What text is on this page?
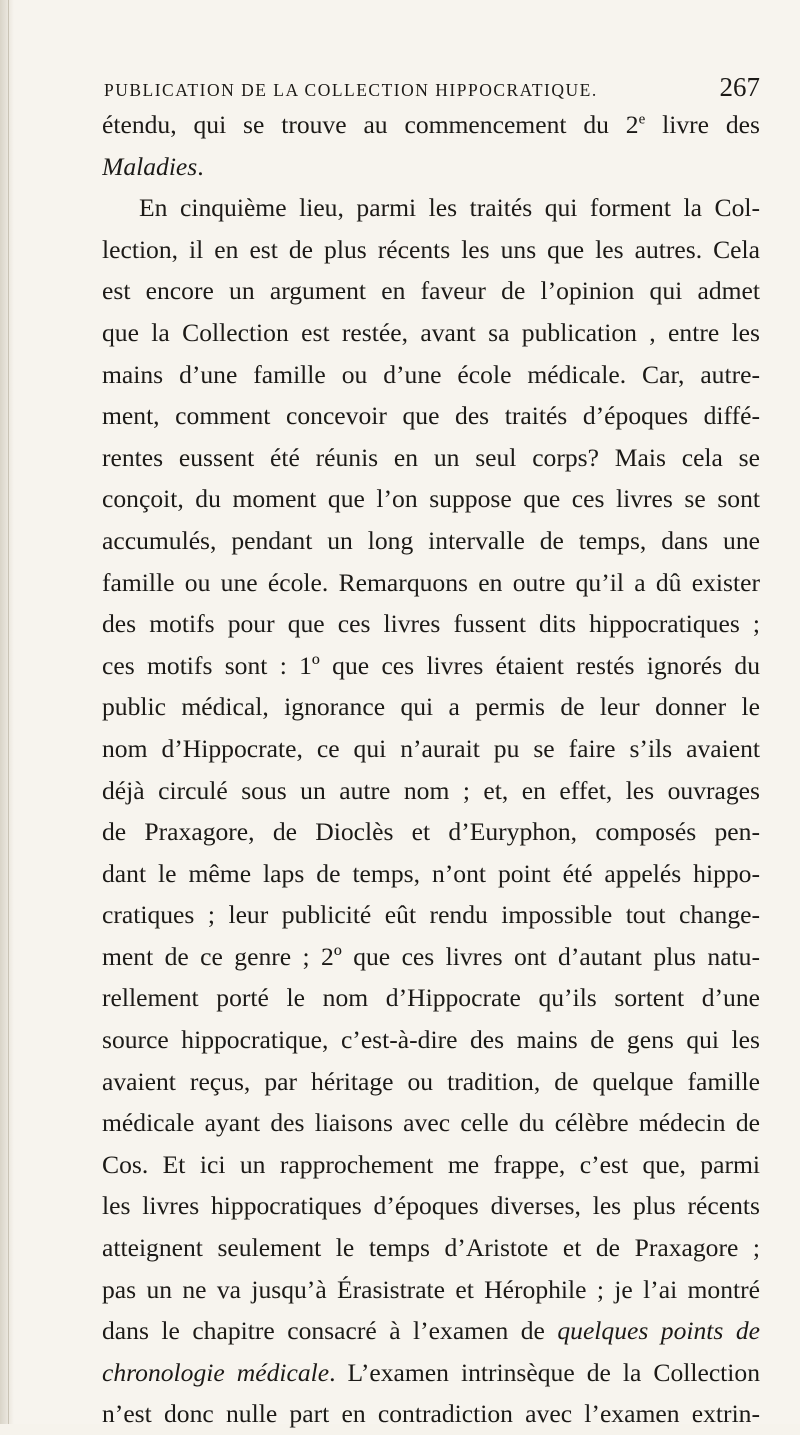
PUBLICATION DE LA COLLECTION HIPPOCRATIQUE.	267
étendu, qui se trouve au commencement du 2e livre des
Maladies.
En cinquième lieu, parmi les traités qui forment la Col-
lection, il en est de plus récents les uns que les autres. Cela
est encore un argument en faveur de l’opinion qui admet
que la Collection est restée, avant sa publication , entre les
mains d’une famille ou d’une école médicale. Car, autre-
ment, comment concevoir que des traités d’époques diffé-
rentes eussent été réunis en un seul corps? Mais cela se
conçoit, du moment que l’on suppose que ces livres se sont
accumulés, pendant un long intervalle de temps, dans une
famille ou une école. Remarquons en outre qu’il a dû exister
des motifs pour que ces livres fussent dits hippocratiques ;
ces motifs sont : 1º que ces livres étaient restés ignorés du
public médical, ignorance qui a permis de leur donner le
nom d’Hippocrate, ce qui n’aurait pu se faire s’ils avaient
déjà circulé sous un autre nom ; et, en effet, les ouvrages
de Praxagore, de Dioclès et d’Euryphon, composés pen-
dant le même laps de temps, n’ont point été appelés hippo-
cratiques ; leur publicité eût rendu impossible tout change-
ment de ce genre ; 2º que ces livres ont d’autant plus natu-
rellement porté le nom d’Hippocrate qu’ils sortent d’une
source hippocratique, c’est-à-dire des mains de gens qui les
avaient reçus, par héritage ou tradition, de quelque famille
médicale ayant des liaisons avec celle du célèbre médecin de
Cos. Et ici un rapprochement me frappe, c’est que, parmi
les livres hippocratiques d’époques diverses, les plus récents
atteignent seulement le temps d’Aristote et de Praxagore ;
pas un ne va jusqu’à Érasistrate et Hérophile ; je l’ai montré
dans le chapitre consacré à l’examen de quelques points de
chronologie médicale. L’examen intrinsèque de la Collection
n’est donc nulle part en contradiction avec l’examen extrin-
